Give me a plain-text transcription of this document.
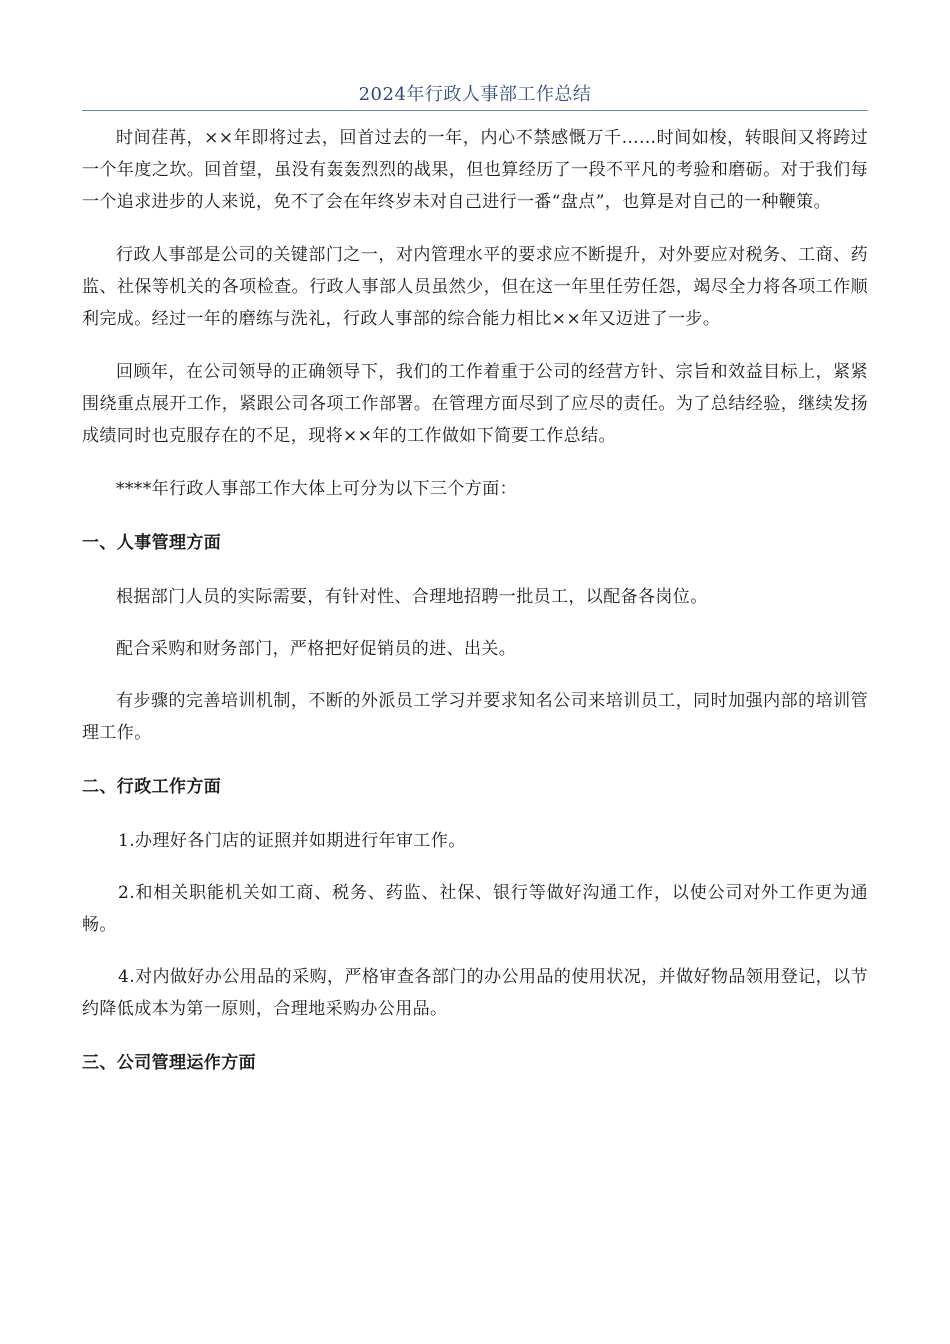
2024年行政人事部工作总结

时间荏苒，××年即将过去，回首过去的一年，内心不禁感慨万千……时间如梭，转眼间又将跨过一个年度之坎。回首望，虽没有轰轰烈烈的战果，但也算经历了一段不平凡的考验和磨砺。对于我们每一个追求进步的人来说，免不了会在年终岁未对自己进行一番“盘点”，也算是对自己的一种鞭策。

行政人事部是公司的关键部门之一，对内管理水平的要求应不断提升，对外要应对税务、工商、药监、社保等机关的各项检查。行政人事部人员虽然少，但在这一年里任劳任怨，竭尽全力将各项工作顺利完成。经过一年的磨练与洗礼，行政人事部的综合能力相比××年又迈进了一步。

回顾年，在公司领导的正确领导下，我们的工作着重于公司的经营方针、宗旨和效益目标上，紧紧围绕重点展开工作，紧跟公司各项工作部署。在管理方面尽到了应尽的责任。为了总结经验，继续发扬成绩同时也克服存在的不足，现将××年的工作做如下简要工作总结。

****年行政人事部工作大体上可分为以下三个方面：

一、人事管理方面

根据部门人员的实际需要，有针对性、合理地招聘一批员工，以配备各岗位。

配合采购和财务部门，严格把好促销员的进、出关。

有步骤的完善培训机制，不断的外派员工学习并要求知名公司来培训员工，同时加强内部的培训管理工作。

二、行政工作方面

1.办理好各门店的证照并如期进行年审工作。

2.和相关职能机关如工商、税务、药监、社保、银行等做好沟通工作，以使公司对外工作更为通畅。

4.对内做好办公用品的采购，严格审查各部门的办公用品的使用状况，并做好物品领用登记，以节约降低成本为第一原则，合理地采购办公用品。

三、公司管理运作方面
